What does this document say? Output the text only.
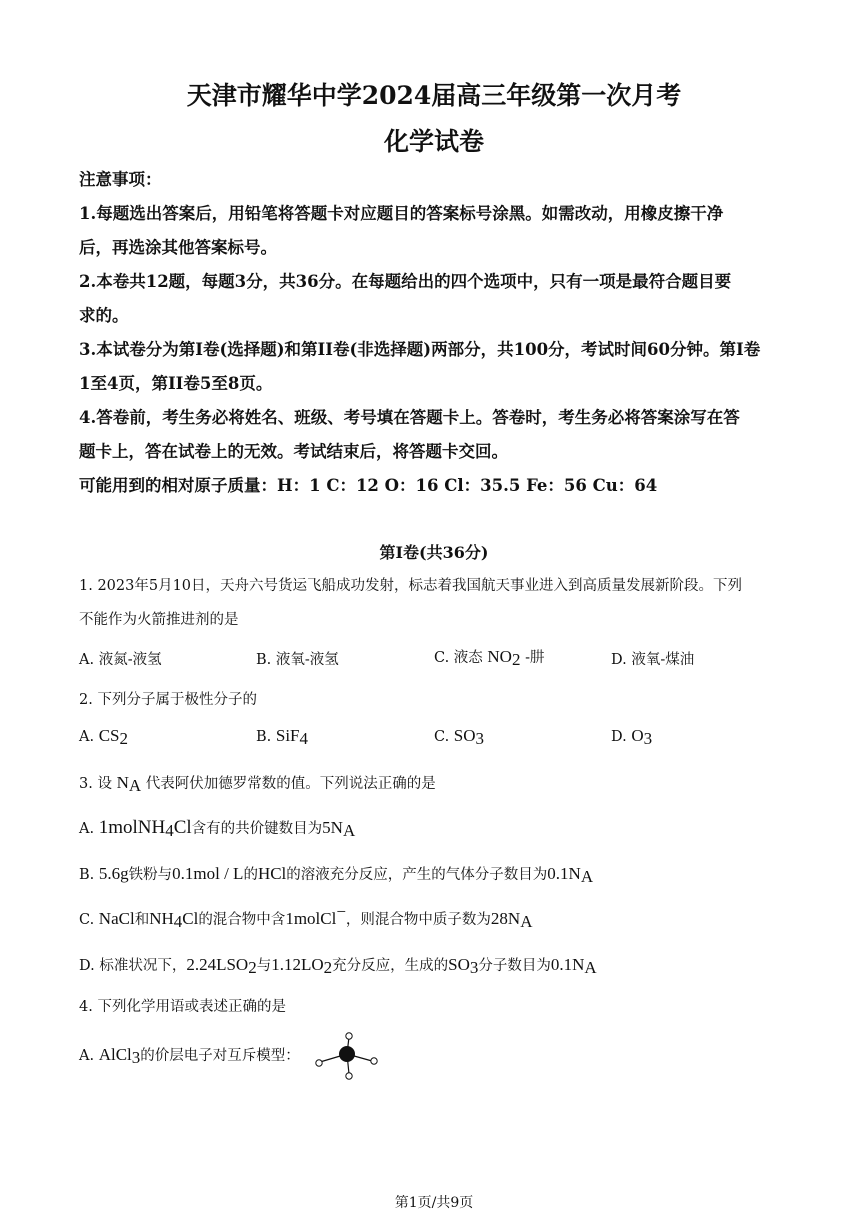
天津市耀华中学2024届高三年级第一次月考
化学试卷
注意事项：
1.每题选出答案后，用铅笔将答题卡对应题目的答案标号涂黑。如需改动，用橡皮擦干净
后，再选涂其他答案标号。
2.本卷共12题，每题3分，共36分。在每题给出的四个选项中，只有一项是最符合题目要
求的。
3.本试卷分为第I卷(选择题)和第II卷(非选择题)两部分，共100分，考试时间60分钟。第I卷
1至4页，第II卷5至8页。
4.答卷前，考生务必将姓名、班级、考号填在答题卡上。答卷时，考生务必将答案涂写在答
题卡上，答在试卷上的无效。考试结束后，将答题卡交回。
可能用到的相对原子质量：H：1 C：12 O：16 Cl：35.5 Fe：56 Cu：64
第I卷(共36分)
1. 2023年5月10日，天舟六号货运飞船成功发射，标志着我国航天事业进入到高质量发展新阶段。下列
不能作为火箭推进剂的是
A. 液氮-液氢	B. 液氧-液氢	C. 液态 $NO_2$ -肼	D. 液氧-煤油
2. 下列分子属于极性分子的
A. $CS_2$	B. SiF$_4$	C. $SO_3$	D. $O_3$
3. 设 $N_A$ 代表阿伏加德罗常数的值。下列说法正确的是
A. 1molNH$_4$Cl含有的共价键数目为$5N_A$
B. 5.6g铁粉与0.1mol / L的HCl的溶液充分反应，产生的气体分子数目为$0.1N_A$
C. NaCl和$NH_4Cl$的混合物中含1molCl−，则混合物中质子数为$28N_A$
D. 标准状况下，$2.24LSO_2$与$1.12LO_2$充分反应，生成的$SO_3$分子数目为$0.1N_A$
4. 下列化学用语或表述正确的是
A. AlCl$_3$的价层电子对互斥模型：
第1页/共9页
